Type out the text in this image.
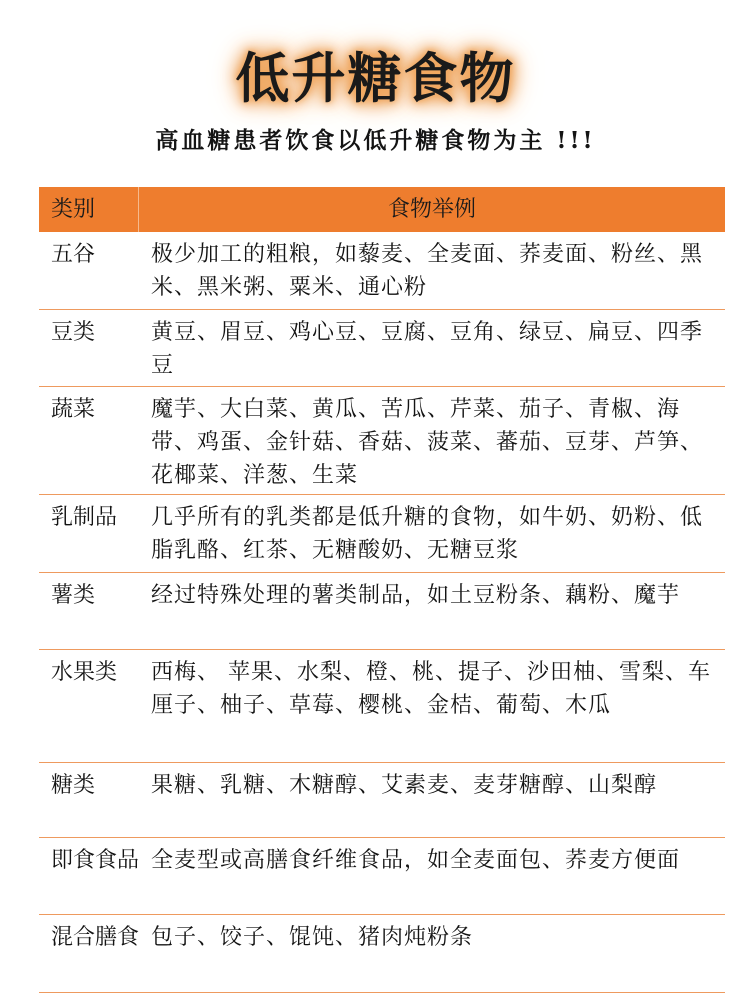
低升糖食物
高血糖患者饮食以低升糖食物为主 !!!
类别	食物举例
五谷	极少加工的粗粮，如藜麦、全麦面、荞麦面、粉丝、黑米、黑米粥、粟米、通心粉
豆类	黄豆、眉豆、鸡心豆、豆腐、豆角、绿豆、扁豆、四季豆
蔬菜	魔芋、大白菜、黄瓜、苦瓜、芹菜、茄子、青椒、海带、鸡蛋、金针菇、香菇、菠菜、蕃茄、豆芽、芦笋、花椰菜、洋葱、生菜
乳制品	几乎所有的乳类都是低升糖的食物，如牛奶、奶粉、低脂乳酪、红茶、无糖酸奶、无糖豆浆
薯类	经过特殊处理的薯类制品，如土豆粉条、藕粉、魔芋
水果类	西梅、 苹果、水梨、橙、桃、提子、沙田柚、雪梨、车厘子、柚子、草莓、樱桃、金桔、葡萄、木瓜
糖类	果糖、乳糖、木糖醇、艾素麦、麦芽糖醇、山梨醇
即食食品 全麦型或高膳食纤维食品，如全麦面包、荞麦方便面
混合膳食 包子、饺子、馄饨、猪肉炖粉条
